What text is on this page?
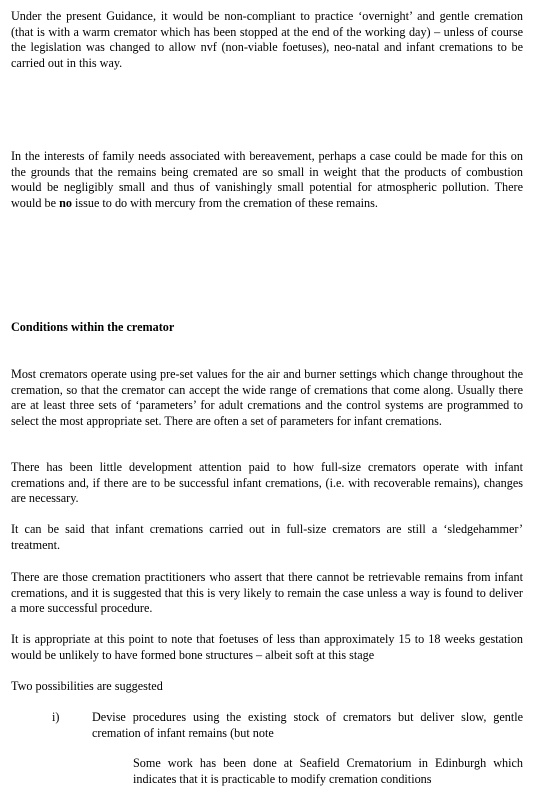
Under the present Guidance, it would be non-compliant to practice ‘overnight’ and gentle cremation (that is with a warm cremator which has been stopped at the end of the working day) – unless of course the legislation was changed to allow nvf (non-viable foetuses), neo-natal and infant cremations to be carried out in this way.

In the interests of family needs associated with bereavement, perhaps a case could be made for this on the grounds that the remains being cremated are so small in weight that the products of combustion would be negligibly small and thus of vanishingly small potential for atmospheric pollution. There would be no issue to do with mercury from the cremation of these remains.

Conditions within the cremator

Most cremators operate using pre-set values for the air and burner settings which change throughout the cremation, so that the cremator can accept the wide range of cremations that come along. Usually there are at least three sets of ‘parameters’ for adult cremations and the control systems are programmed to select the most appropriate set. There are often a set of parameters for infant cremations.

There has been little development attention paid to how full-size cremators operate with infant cremations and, if there are to be successful infant cremations, (i.e. with recoverable remains), changes are necessary.

It can be said that infant cremations carried out in full-size cremators are still a ‘sledgehammer’ treatment.

There are those cremation practitioners who assert that there cannot be retrievable remains from infant cremations, and it is suggested that this is very likely to remain the case unless a way is found to deliver a more successful procedure.

It is appropriate at this point to note that foetuses of less than approximately 15 to 18 weeks gestation would be unlikely to have formed bone structures – albeit soft at this stage

Two possibilities are suggested

i)	Devise procedures using the existing stock of cremators but deliver slow, gentle cremation of infant remains (but note

Some work has been done at Seafield Crematorium in Edinburgh which indicates that it is practicable to modify cremation conditions
